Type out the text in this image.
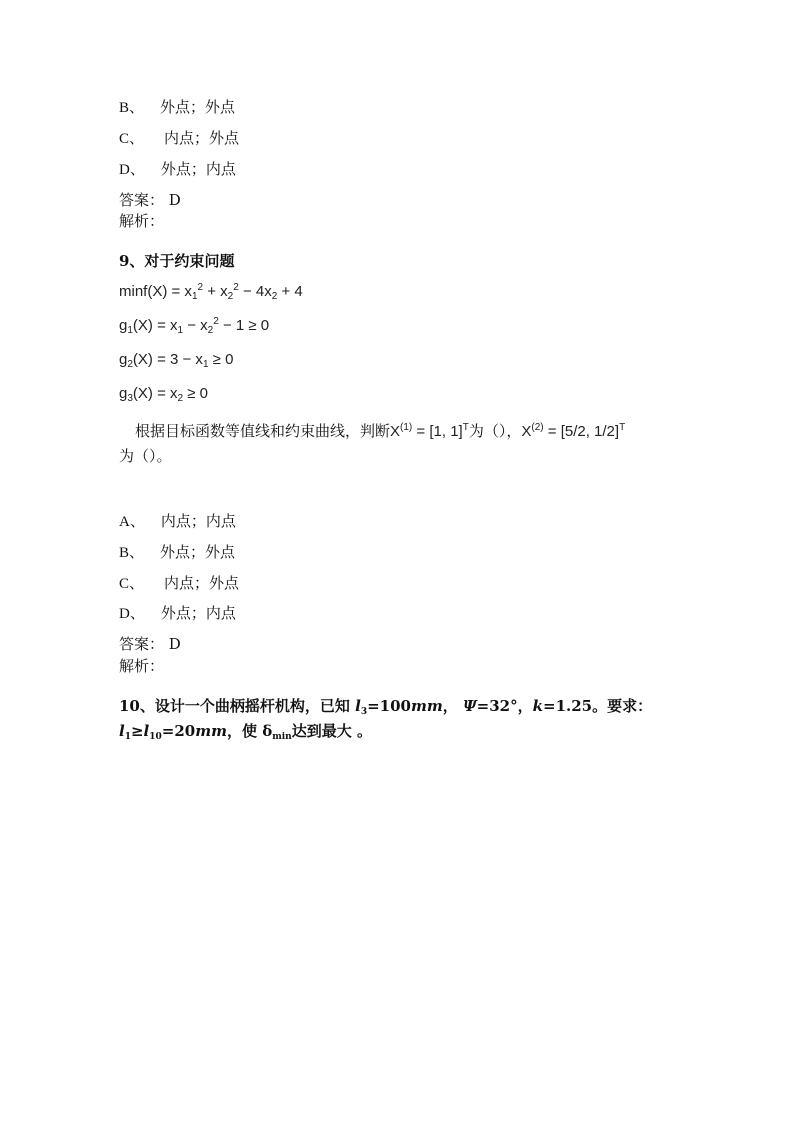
B、 外点；外点
C、 内点；外点
D、 外点；内点
答案： D
解析：
9、对于约束问题
$\min f(X) = x_1^2 + x_2^2 - 4x_2 + 4$
$g_1(X) = x_1 - x_2^2 - 1 \ge 0$
$g_2(X) = 3 - x_1 \ge 0$
$g_3(X) = x_2 \ge 0$
根据目标函数等值线和约束曲线，判断$X^{(1)} = [1$, 1]$^T$为（），$X^{(2)} = [5/2$, 1/2]$^T$
为（）。
A、 内点；内点
B、 外点；外点
C、 内点；外点
D、 外点；内点
答案： D
解析：
10、设计一个曲柄摇杆机构，已知 $l_3=100mm$， Ψ=32°，k=1.25。要求：
$l_1\ge l_{10}=20mm$，使 $\delta_{min}$达到最大 。
